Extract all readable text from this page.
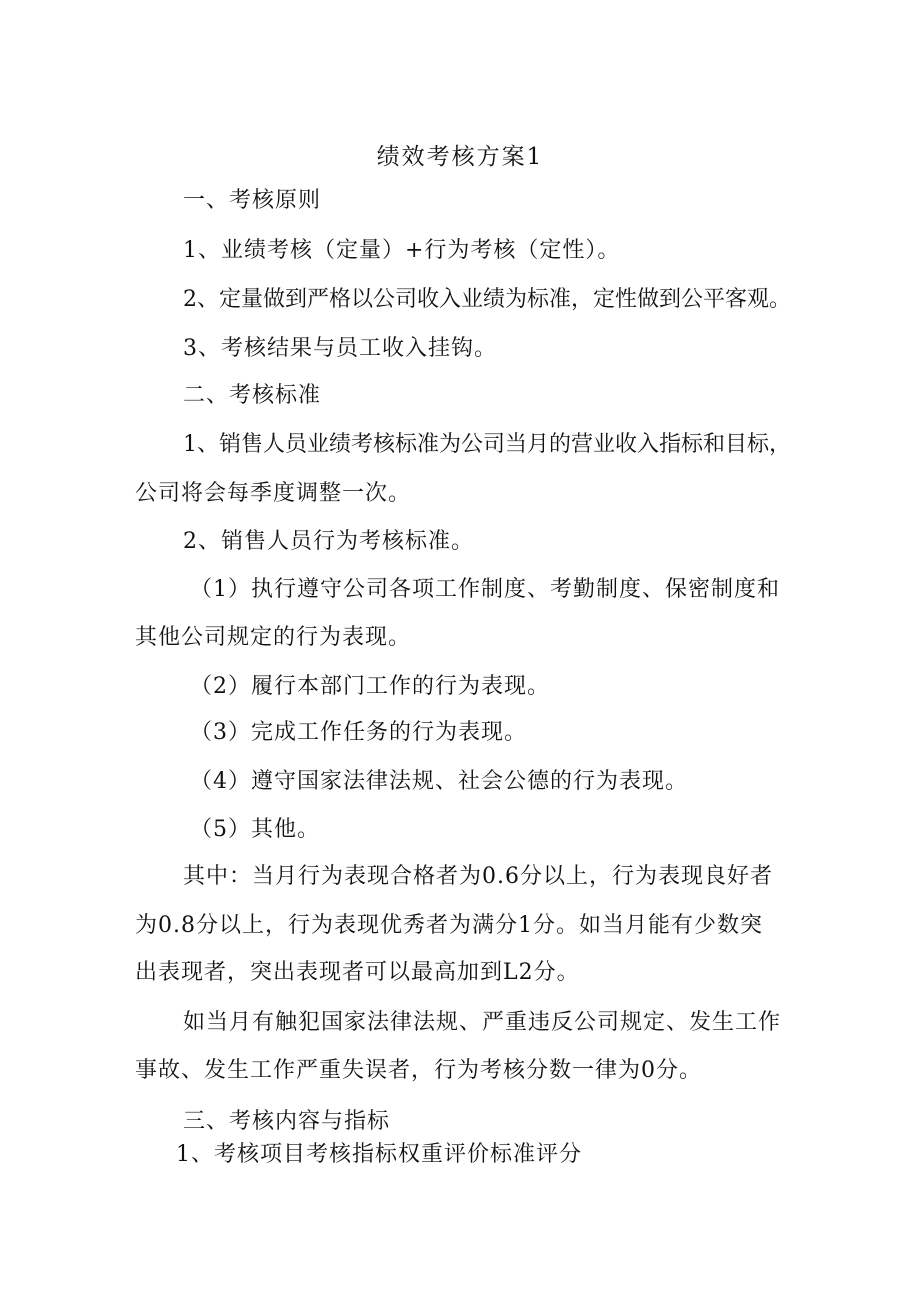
绩效考核方案1
一、考核原则
1、业绩考核（定量）+行为考核（定性）。
2、定量做到严格以公司收入业绩为标准，定性做到公平客观。
3、考核结果与员工收入挂钩。
二、考核标准
1、销售人员业绩考核标准为公司当月的营业收入指标和目标，
公司将会每季度调整一次。
2、销售人员行为考核标准。
（1）执行遵守公司各项工作制度、考勤制度、保密制度和
其他公司规定的行为表现。
（2）履行本部门工作的行为表现。
（3）完成工作任务的行为表现。
（4）遵守国家法律法规、社会公德的行为表现。
（5）其他。
其中：当月行为表现合格者为0.6分以上，行为表现良好者
为0.8分以上，行为表现优秀者为满分1分。如当月能有少数突
出表现者，突出表现者可以最高加到L2分。
如当月有触犯国家法律法规、严重违反公司规定、发生工作
事故、发生工作严重失误者，行为考核分数一律为0分。
三、考核内容与指标
1、考核项目考核指标权重评价标准评分
